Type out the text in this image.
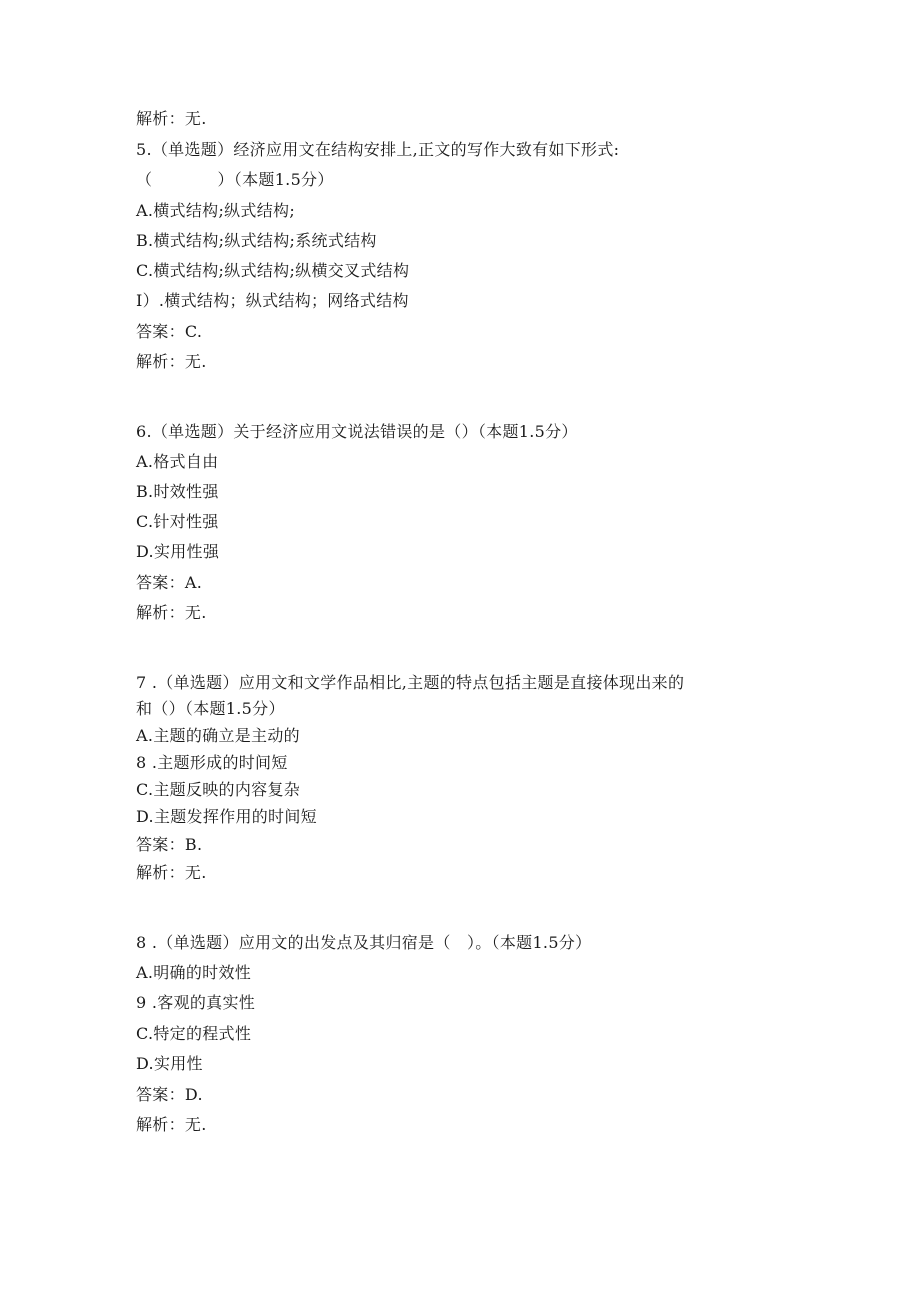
解析：无.
5.（单选题）经济应用文在结构安排上,正文的写作大致有如下形式:
（　　　　）（本题1.5分）
A.横式结构;纵式结构;
B.横式结构;纵式结构;系统式结构
C.横式结构;纵式结构;纵横交叉式结构
I）.横式结构；纵式结构；网络式结构
答案：C.
解析：无.
6.（单选题）关于经济应用文说法错误的是（）（本题1.5分）
A.格式自由
B.时效性强
C.针对性强
D.实用性强
答案：A.
解析：无.
7 .（单选题）应用文和文学作品相比,主题的特点包括主题是直接体现出来的
和（）（本题1.5分）
A.主题的确立是主动的
8 .主题形成的时间短
C.主题反映的内容复杂
D.主题发挥作用的时间短
答案：B.
解析：无.
8 .（单选题）应用文的出发点及其归宿是（　）。（本题1.5分）
A.明确的时效性
9 .客观的真实性
C.特定的程式性
D.实用性
答案：D.
解析：无.
